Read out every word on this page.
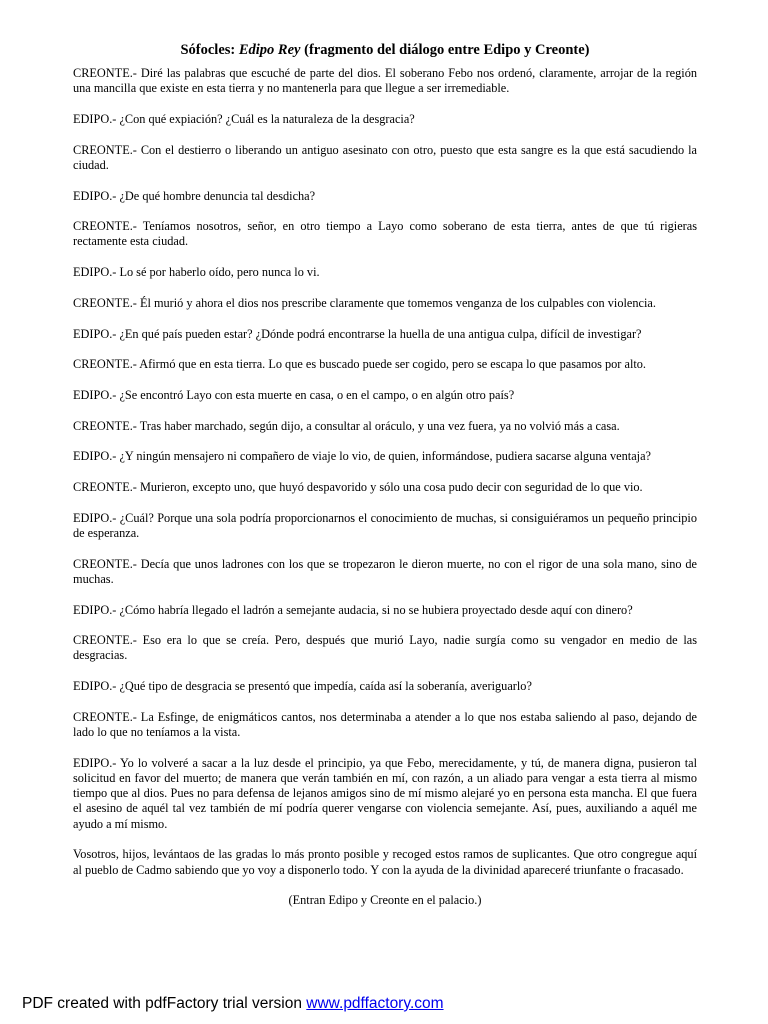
Sófocles: Edipo Rey (fragmento del diálogo entre Edipo y Creonte)

CREONTE.- Diré las palabras que escuché de parte del dios. El soberano Febo nos ordenó, claramente, arrojar de la región una mancilla que existe en esta tierra y no mantenerla para que llegue a ser irremediable.

EDIPO.- ¿Con qué expiación? ¿Cuál es la naturaleza de la desgracia?

CREONTE.- Con el destierro o liberando un antiguo asesinato con otro, puesto que esta sangre es la que está sacudiendo la ciudad.

EDIPO.- ¿De qué hombre denuncia tal desdicha?

CREONTE.- Teníamos nosotros, señor, en otro tiempo a Layo como soberano de esta tierra, antes de que tú rigieras rectamente esta ciudad.

EDIPO.- Lo sé por haberlo oído, pero nunca lo vi.

CREONTE.- Él murió y ahora el dios nos prescribe claramente que tomemos venganza de los culpables con violencia.

EDIPO.- ¿En qué país pueden estar? ¿Dónde podrá encontrarse la huella de una antigua culpa, difícil de investigar?

CREONTE.- Afirmó que en esta tierra. Lo que es buscado puede ser cogido, pero se escapa lo que pasamos por alto.

EDIPO.- ¿Se encontró Layo con esta muerte en casa, o en el campo, o en algún otro país?

CREONTE.- Tras haber marchado, según dijo, a consultar al oráculo, y una vez fuera, ya no volvió más a casa.

EDIPO.- ¿Y ningún mensajero ni compañero de viaje lo vio, de quien, informándose, pudiera sacarse alguna ventaja?

CREONTE.- Murieron, excepto uno, que huyó despavorido y sólo una cosa pudo decir con seguridad de lo que vio.

EDIPO.- ¿Cuál? Porque una sola podría proporcionarnos el conocimiento de muchas, si consiguiéramos un pequeño principio de esperanza.

CREONTE.- Decía que unos ladrones con los que se tropezaron le dieron muerte, no con el rigor de una sola mano, sino de muchas.

EDIPO.- ¿Cómo habría llegado el ladrón a semejante audacia, si no se hubiera proyectado desde aquí con dinero?

CREONTE.- Eso era lo que se creía. Pero, después que murió Layo, nadie surgía como su vengador en medio de las desgracias.

EDIPO.- ¿Qué tipo de desgracia se presentó que impedía, caída así la soberanía, averiguarlo?

CREONTE.- La Esfinge, de enigmáticos cantos, nos determinaba a atender a lo que nos estaba saliendo al paso, dejando de lado lo que no teníamos a la vista.

EDIPO.- Yo lo volveré a sacar a la luz desde el principio, ya que Febo, merecidamente, y tú, de manera digna, pusieron tal solicitud en favor del muerto; de manera que verán también en mí, con razón, a un aliado para vengar a esta tierra al mismo tiempo que al dios. Pues no para defensa de lejanos amigos sino de mí mismo alejaré yo en persona esta mancha. El que fuera el asesino de aquél tal vez también de mí podría querer vengarse con violencia semejante. Así, pues, auxiliando a aquél me ayudo a mí mismo.

Vosotros, hijos, levántaos de las gradas lo más pronto posible y recoged estos ramos de suplicantes. Que otro congregue aquí al pueblo de Cadmo sabiendo que yo voy a disponerlo todo. Y con la ayuda de la divinidad apareceré triunfante o fracasado.

(Entran Edipo y Creonte en el palacio.)

PDF created with pdfFactory trial version www.pdffactory.com
